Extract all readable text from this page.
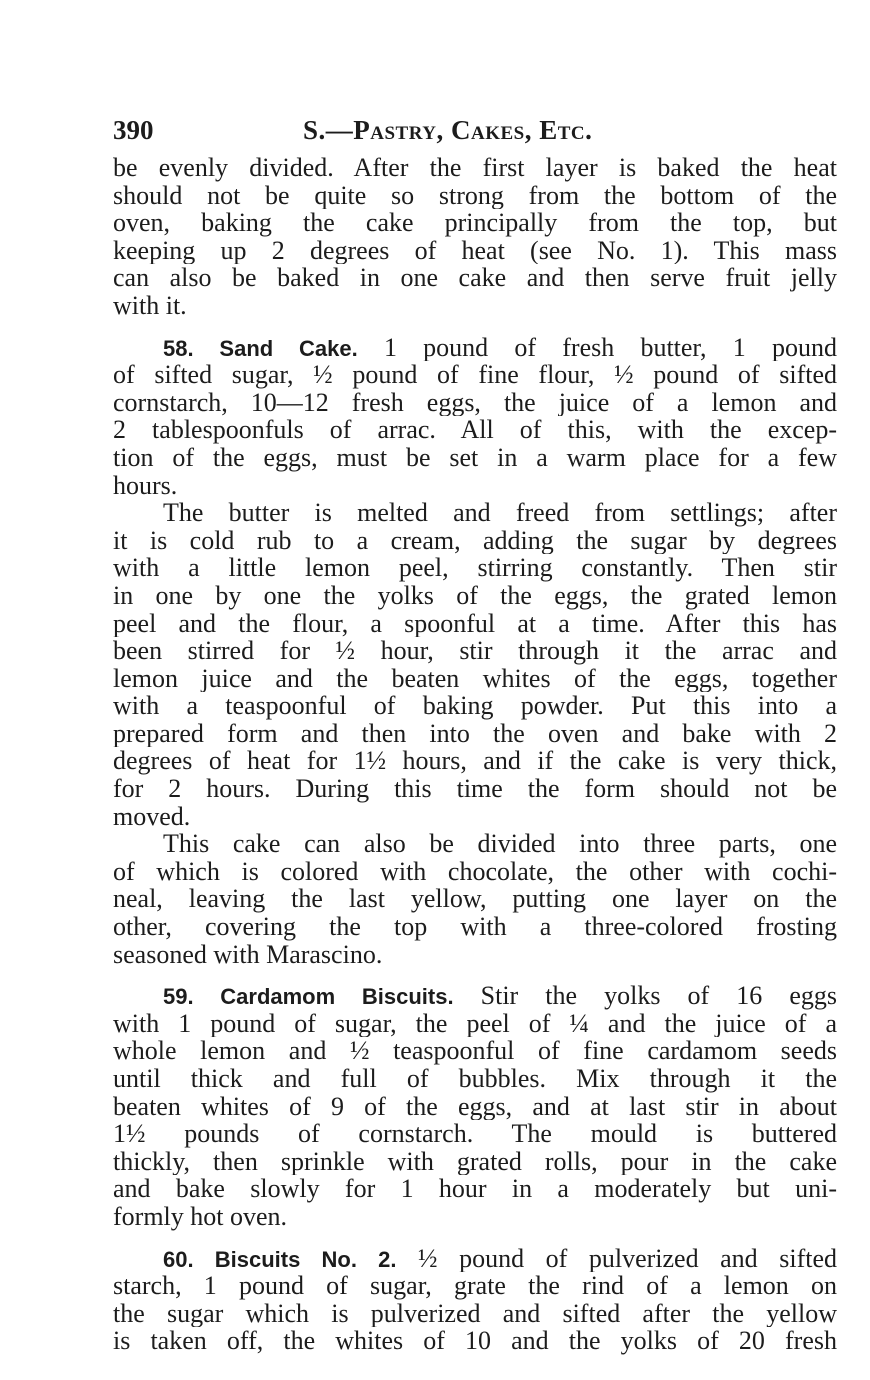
390	S.—Pastry, Cakes, Etc.
be evenly divided. After the first layer is baked the heat
should not be quite so strong from the bottom of the
oven, baking the cake principally from the top, but
keeping up 2 degrees of heat (see No. 1). This mass
can also be baked in one cake and then serve fruit jelly
with it.
58. Sand Cake. 1 pound of fresh butter, 1 pound
of sifted sugar, ½ pound of fine flour, ½ pound of sifted
cornstarch, 10—12 fresh eggs, the juice of a lemon and
2 tablespoonfuls of arrac. All of this, with the excep-
tion of the eggs, must be set in a warm place for a few
hours.
The butter is melted and freed from settlings; after
it is cold rub to a cream, adding the sugar by degrees
with a little lemon peel, stirring constantly. Then stir
in one by one the yolks of the eggs, the grated lemon
peel and the flour, a spoonful at a time. After this has
been stirred for ½ hour, stir through it the arrac and
lemon juice and the beaten whites of the eggs, together
with a teaspoonful of baking powder. Put this into a
prepared form and then into the oven and bake with 2
degrees of heat for 1½ hours, and if the cake is very thick,
for 2 hours. During this time the form should not be
moved.
This cake can also be divided into three parts, one
of which is colored with chocolate, the other with cochi-
neal, leaving the last yellow, putting one layer on the
other, covering the top with a three-colored frosting
seasoned with Marascino.
59. Cardamom Biscuits. Stir the yolks of 16 eggs
with 1 pound of sugar, the peel of ¼ and the juice of a
whole lemon and ½ teaspoonful of fine cardamom seeds
until thick and full of bubbles. Mix through it the
beaten whites of 9 of the eggs, and at last stir in about
1½ pounds of cornstarch. The mould is buttered
thickly, then sprinkle with grated rolls, pour in the cake
and bake slowly for 1 hour in a moderately but uni-
formly hot oven.
60. Biscuits No. 2. ½ pound of pulverized and sifted
starch, 1 pound of sugar, grate the rind of a lemon on
the sugar which is pulverized and sifted after the yellow
is taken off, the whites of 10 and the yolks of 20 fresh
